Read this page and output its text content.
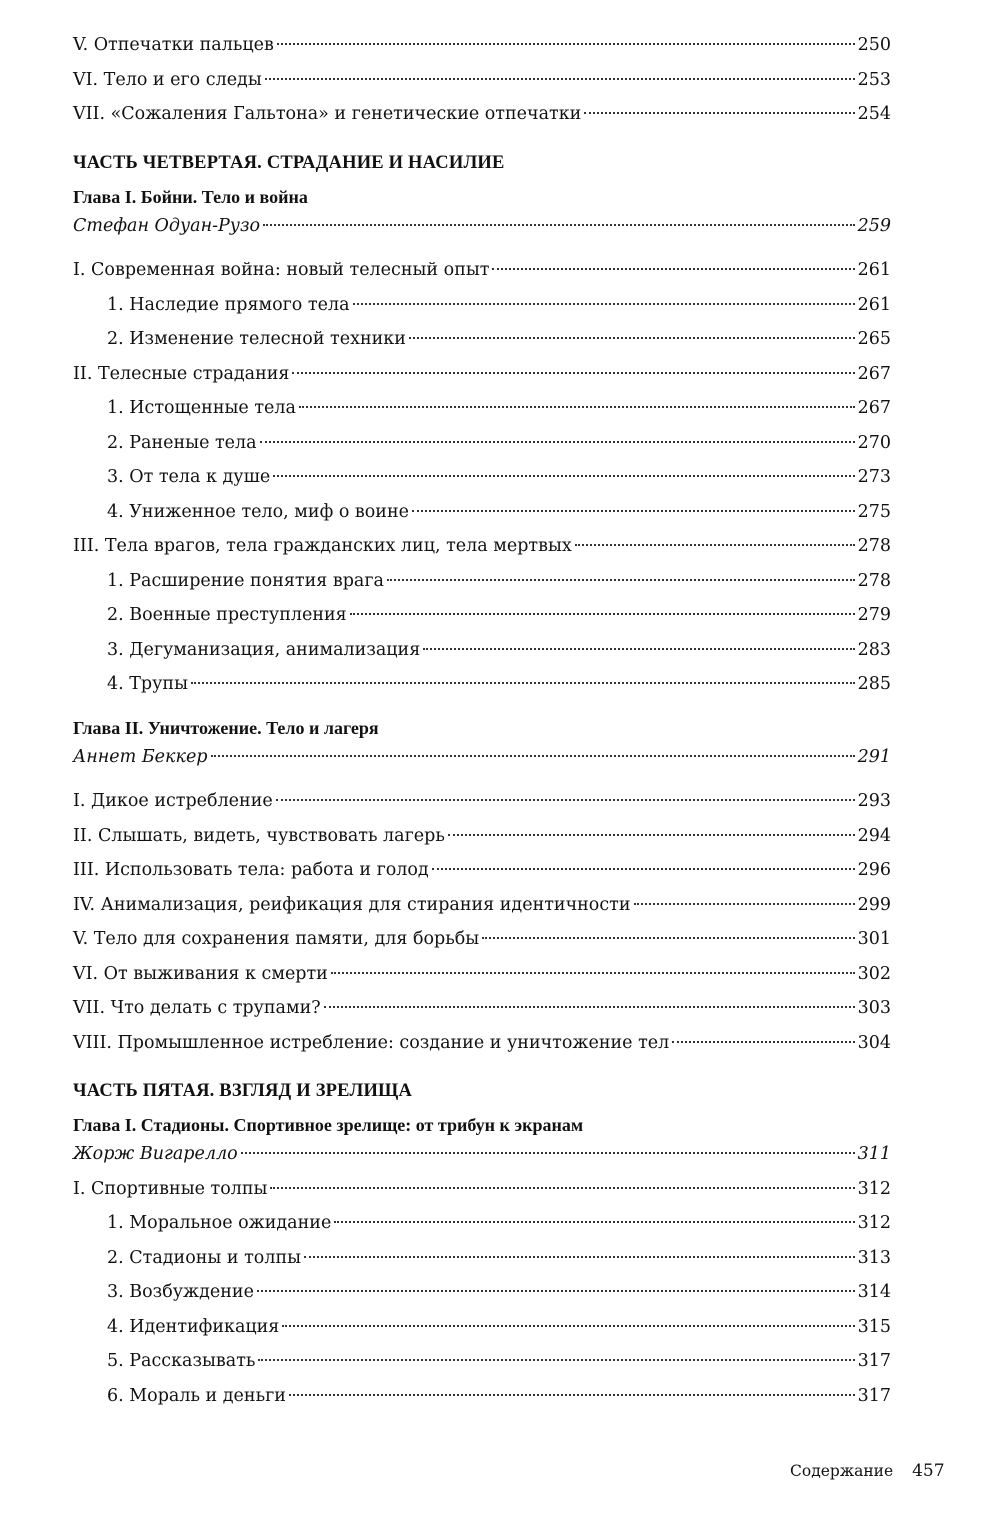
V. Отпечатки пальцев	250
VI. Тело и его следы	253
VII. «Сожаления Гальтона» и генетические отпечатки	254
ЧАСТЬ ЧЕТВЕРТАЯ. СТРАДАНИЕ И НАСИЛИЕ
Глава I. Бойни. Тело и война
Стефан Одуан-Рузо	259
I. Современная война: новый телесный опыт	261
1. Наследие прямого тела	261
2. Изменение телесной техники	265
II. Телесные страдания	267
1. Истощенные тела	267
2. Раненые тела	270
3. От тела к душе	273
4. Униженное тело, миф о воине	275
III. Тела врагов, тела гражданских лиц, тела мертвых	278
1. Расширение понятия врага	278
2. Военные преступления	279
3. Дегуманизация, анимализация	283
4. Трупы	285
Глава II. Уничтожение. Тело и лагеря
Аннет Беккер	291
I. Дикое истребление	293
II. Слышать, видеть, чувствовать лагерь	294
III. Использовать тела: работа и голод	296
IV. Анимализация, реификация для стирания идентичности	299
V. Тело для сохранения памяти, для борьбы	301
VI. От выживания к смерти	302
VII. Что делать с трупами?	303
VIII. Промышленное истребление: создание и уничтожение тел	304
ЧАСТЬ ПЯТАЯ. ВЗГЛЯД И ЗРЕЛИЩА
Глава I. Стадионы. Спортивное зрелище: от трибун к экранам
Жорж Вигарелло	311
I. Спортивные толпы	312
1. Моральное ожидание	312
2. Стадионы и толпы	313
3. Возбуждение	314
4. Идентификация	315
5. Рассказывать	317
6. Мораль и деньги	317
Содержание 457
